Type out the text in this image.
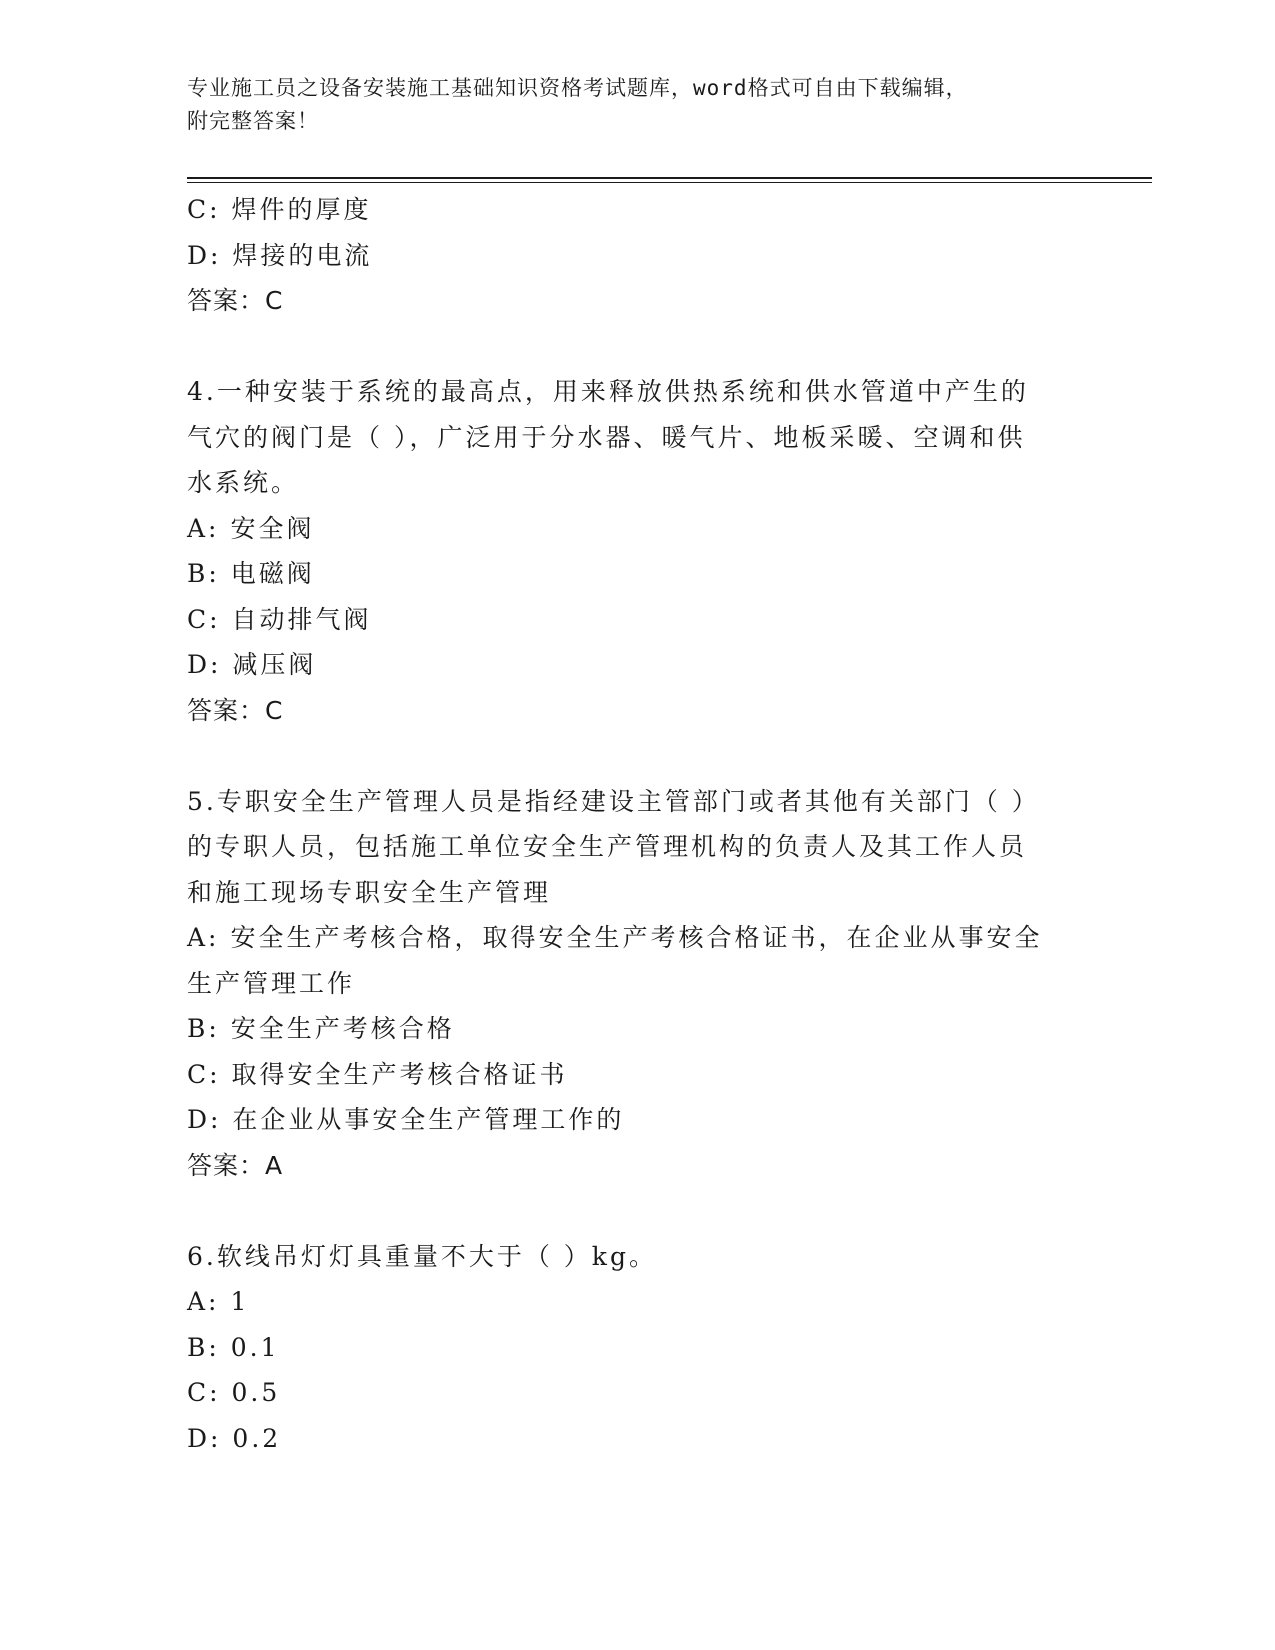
专业施工员之设备安装施工基础知识资格考试题库，word格式可自由下载编辑，
附完整答案！
C: 焊件的厚度
D: 焊接的电流
答案：C
4.一种安装于系统的最高点，用来释放供热系统和供水管道中产生的
气穴的阀门是（ ），广泛用于分水器、暖气片、地板采暖、空调和供
水系统。
A: 安全阀
B: 电磁阀
C: 自动排气阀
D: 减压阀
答案：C
5.专职安全生产管理人员是指经建设主管部门或者其他有关部门（ ）
的专职人员，包括施工单位安全生产管理机构的负责人及其工作人员
和施工现场专职安全生产管理
A: 安全生产考核合格，取得安全生产考核合格证书，在企业从事安全
生产管理工作
B: 安全生产考核合格
C: 取得安全生产考核合格证书
D: 在企业从事安全生产管理工作的
答案：A
6.软线吊灯灯具重量不大于（ ）kg。
A: 1
B: 0.1
C: 0.5
D: 0.2
